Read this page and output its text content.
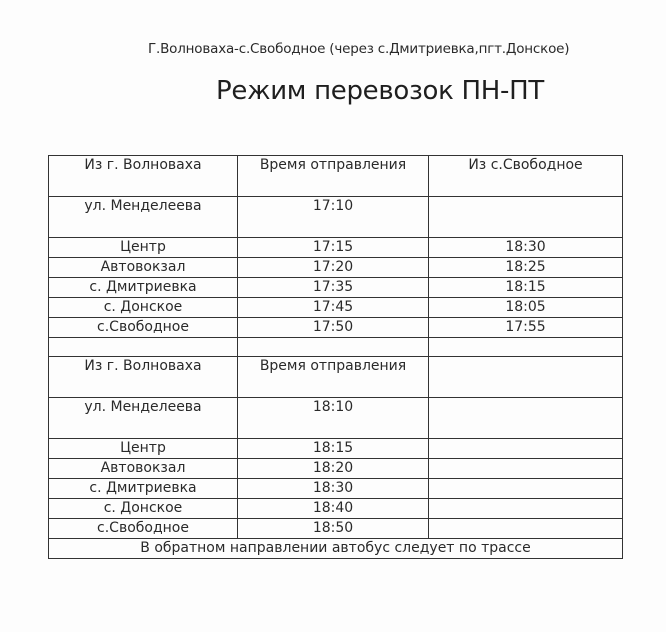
Г.Волноваха-с.Свободное (через с.Дмитриевка,пгт.Донское)
Режим перевозок ПН-ПТ
Из г. Волноваха	Время отправления	Из с.Свободное
ул. Менделеева	17:10	
Центр	17:15	18:30
Автовокзал	17:20	18:25
с. Дмитриевка	17:35	18:15
с. Донское	17:45	18:05
с.Свободное	17:50	17:55

Из г. Волноваха	Время отправления	
ул. Менделеева	18:10	
Центр	18:15	
Автовокзал	18:20	
с. Дмитриевка	18:30	
с. Донское	18:40	
с.Свободное	18:50	
В обратном направлении автобус следует по трассе		
